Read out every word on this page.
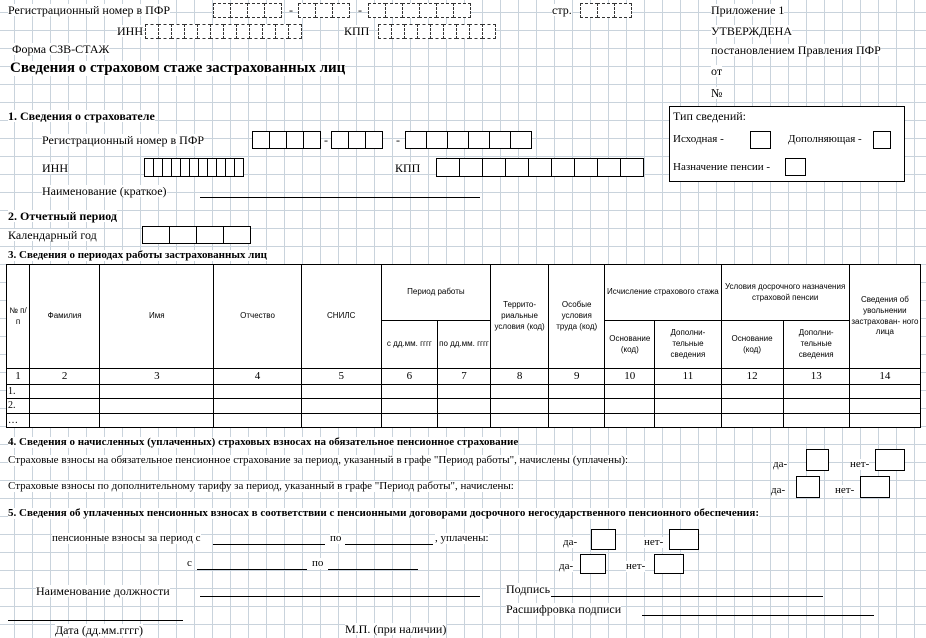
Регистрационный номер в ПФР	-	-	стр.
ИНН	КПП
Приложение 1
УТВЕРЖДЕНА
постановлением Правления ПФР
от
№
Форма СЗВ-СТАЖ
Сведения о страховом стаже застрахованных лиц
1. Сведения о страхователе
Регистрационный номер в ПФР	-	-
ИНН	КПП
Наименование (краткое)
Тип сведений:
Исходная -	Дополняющая -
Назначение пенсии -
2. Отчетный период
Календарный год
3. Сведения о периодах работы застрахованных лиц
№ п/п	Фамилия	Имя	Отчество	СНИЛС	Период работы		Террито- риальные условия (код)	Особые условия труда (код)	Исчисление страхового стажа		Условия досрочного назначения страховой пенсии		Сведения об увольнении застрахован- ного лица
					с дд.мм. гггг	по дд.мм. гггг			Основание (код)	Дополни- тельные сведения	Основание (код)	Дополни- тельные сведения	
1	2	3	4	5	6	7	8	9	10	11	12	13	14
1.													
2.													
…													
4. Сведения о начисленных (уплаченных) страховых взносах на обязательное пенсионное страхование
Страховые взносы на обязательное пенсионное страхование за период, указанный в графе "Период работы", начислены (уплачены):	да-	нет-
Страховые взносы по дополнительному тарифу за период, указанный в графе "Период работы", начислены:	да-	нет-
5. Сведения об уплаченных пенсионных взносах в соответствии с пенсионными договорами досрочного негосударственного пенсионного обеспечения:
пенсионные взносы за период с	по	, уплачены:	да-	нет-
с	по	да-	нет-
Наименование должности	Подпись
Расшифровка подписи
Дата (дд.мм.гггг)	М.П. (при наличии)
